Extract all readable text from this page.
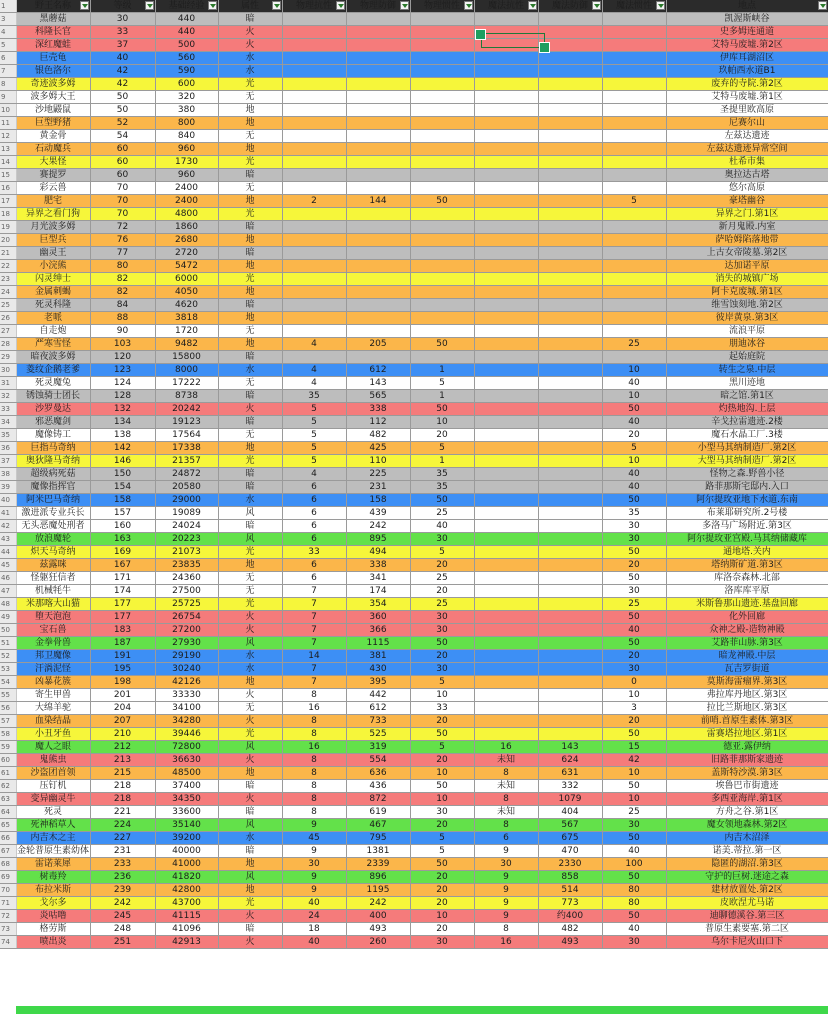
1	野王名称	等级	基础经验	属性	物理抗性	物理防御	物理惯性	魔法抗性	魔法防御	魔法惯性	地点

3	黑蘑菇	30	440	暗							凯渥斯峡谷
4	科隆长官	33	440	火							史多姆连通道
5	深红魔蛙	37	500	火							艾特马废墟.第2区
6	巨壳龟	40	560	水							伊库耳湖沼区
7	银色洛尔	42	590	水							玖帕西水道B1
8	奇迹波多姆	42	600	光							废弃的寺院.第2区
9	波多姆大王	50	320	无							艾特马废墟.第1区
10	沙地鼹鼠	50	380	地							圣提里欧高原
11	巨型野猪	52	800	地							尼赛尔山
12	黄金骨	54	840	无							左兹达遗迹
13	石动魔兵	60	960	地							左兹达遗迹异常空间
14	大果怪	60	1730	光							杜希市集
15	赛提罗	60	960	暗							奥拉达古塔
16	彩云兽	70	2400	无							悠尔高原
17	肥宅	70	2400	地	2	144	50			5	豪塔幽谷
18	异界之看门狗	70	4800	光							异界之门.第1区
19	月光波多姆	72	1860	暗							新月鬼殿.内室
20	巨型兵	76	2680	地							萨哈姆陷落地带
21	幽灵王	77	2720	暗							上古女帝陵墓.第2区
22	小浣熊	80	5472	地							达加诺平原
23	闪灵绅士	82	6000	光							消失的城镇广场
24	金属刺蝎	82	4050	地							阿卡克废城.第1区
25	死灵科隆	84	4620	暗							维雪蚀刻地.第2区
26	老哌	88	3818	地							彼岸黄泉.第3区
27	自走炮	90	1720	无							流浪平原
28	严寒雪怪	103	9482	地	4	205	50			25	朋迪冰谷
29	暗夜波多姆	120	15800	暗							起始庭院
30	菱纹企鹅老爹	123	8000	水	4	612	1			10	转生之泉.中层
31	死灵魔兔	124	17222	无	4	143	5			40	黑川迹地
32	锈蚀骑士团长	128	8738	暗	35	565	1			10	暗之馆.第1区
33	沙罗曼达	132	20242	火	5	338	50			50	灼热地沟.上层
34	邪恶魔剑	134	19123	暗	5	112	10			40	辛戈拉雷遗迹.2楼
35	魔像铸工	138	17564	无	5	482	20			20	魔石水晶工厂.3楼
36	巨指马奇纳	142	17338	地	5	425	5			5	小型马其纳制造厂.第2区
37	奥狄隆马奇纳	146	21357	光	5	110	1			10	大型马其纳制造厂.第2区
38	超级病死菇	150	24872	暗	4	225	35			40	怪物之森.野兽小径
39	魔像指挥官	154	20580	暗	6	231	35			40	路菲那斯宅邸内.入口
40	阿米巴马奇纳	158	29000	水	6	158	50			50	阿尔提玫亚地下水道.东南
41	激进派专业兵长	157	19089	风	6	439	25			35	布莱耶研究所.2号楼
42	无头恶魔处刑者	160	24024	暗	6	242	40			30	多洛马广场附近.第3区
43	放浪魔轮	163	20223	风	6	895	30			30	阿尔提玫亚宫殿.马其纳储藏库
44	炽天马奇纳	169	21073	光	33	494	5			50	通地塔.关内
45	兹露咪	167	23835	地	6	338	20			20	塔纳斯矿道.第3区
46	怪躯狂信者	171	24360	无	6	341	25			50	库洛奈森林.北部
47	机械牦牛	174	27500	无	7	174	20			30	洛库库平原
48	米那喀大山猫	177	25725	光	7	354	25			25	米斯鲁那山遗迹.基盘回廊
49	堕天泡泡	177	26754	火	7	360	30			50	化外回廊
50	宝石兽	183	27200	火	7	366	30			40	众神之殿-造物神殿
51	金拳骨兽	187	27930	风	7	1115	50			50	艾路菲山脉.第3区
52	邦卫魔像	191	29190	水	14	381	20			20	暗龙神殿.中层
53	汗渦泥怪	195	30240	水	7	430	30			30	瓦吉罗街道
54	凶暴花簇	198	42126	地	7	395	5			0	莫斯海雷瘤界.第3区
55	寄生甲兽	201	33330	火	8	442	10			10	弗拉库丹地区.第3区
56	大绵羊驼	204	34100	无	16	612	33			3	拉比兰斯地区.第3区
57	血染结晶	207	34280	火	8	733	20			20	前哨.首原生素体.第3区
58	小丑牙鱼	210	39446	光	8	525	50			50	雷赛塔拉地区.第1区
59	魔人之眼	212	72800	风	16	319	5	16	143	15	德亚.露伊纳
60	鬼熊虫	213	36630	火	8	554	20	未知	624	42	旧路菲那斯家遗迹
61	沙盗团首领	215	48500	地	8	636	10	8	631	10	盖斯特沙漠.第3区
62	压钉机	218	37400	暗	8	436	50	未知	332	50	埃鲁巴市街遗迹
63	变异幽灵牛	218	34350	火	8	872	10	8	1079	10	多西亚海岸.第1区
64	死灵	221	33600	暗	8	619	30	未知	404	25	方舟之谷.第1区
65	死神稻草人	224	35140	风	9	467	20	8	567	30	魔女领地森林.第2区
66	内吉木之主	227	39200	水	45	795	5	6	675	50	内吉木沼泽
67	金轮普原生素幼体	231	40000	暗	9	1381	5	9	470	40	诺美.蒂拉.第一区
68	雷诺莱犀	233	41000	地	30	2339	50	30	2330	100	隐匿的湖沼.第3区
69	树毒羚	236	41820	风	9	896	20	9	858	50	守护的巨树.迷途之森
70	布拉米斯	239	42800	地	9	1195	20	9	514	80	建材放置处.第2区
71	戈尔多	242	43700	光	40	242	20	9	773	80	皮欧涅尤马诺
72	炎咕噜	245	41115	火	24	400	10	9	约400	50	迪聊德溪谷.第三区
73	格劳斯	248	41096	暗	18	493	20	8	482	40	普原生素要塞.第二区
74	喷出炎	251	42913	火	40	260	30	16	493	30	乌尔卡尼火山口下
